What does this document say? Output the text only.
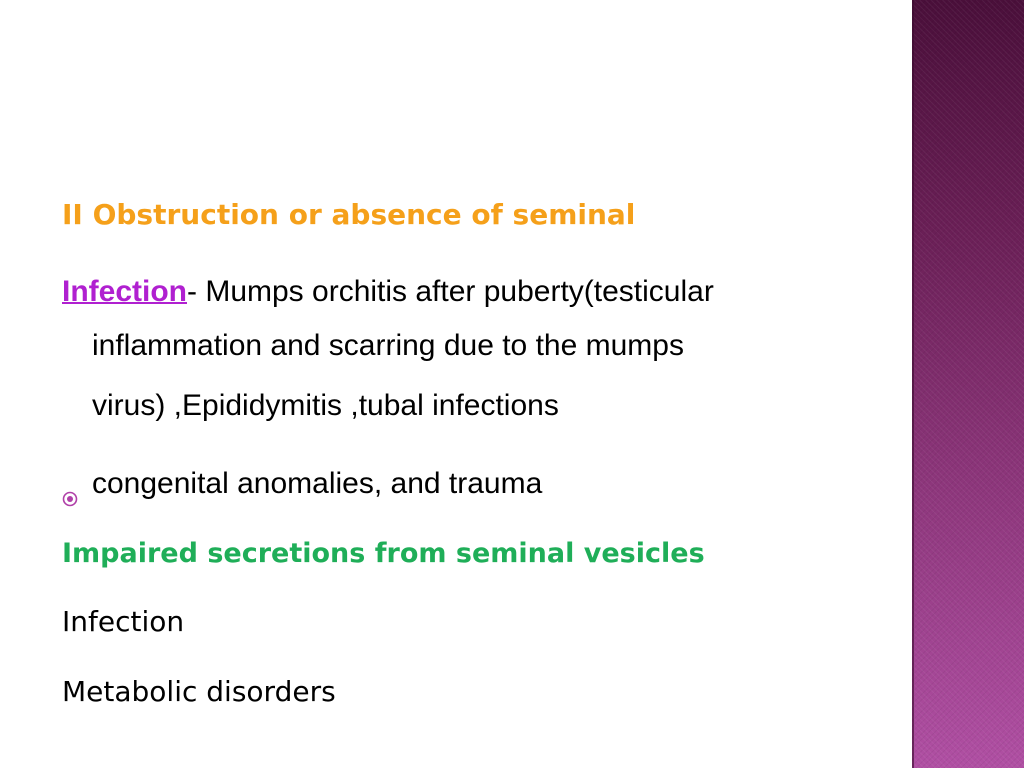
II Obstruction or absence of seminal
Infection- Mumps orchitis after puberty(testicular
inflammation and scarring due to the mumps
virus) ,Epididymitis ,tubal infections
congenital anomalies, and trauma
Impaired secretions from seminal vesicles

Infection

Metabolic disorders
